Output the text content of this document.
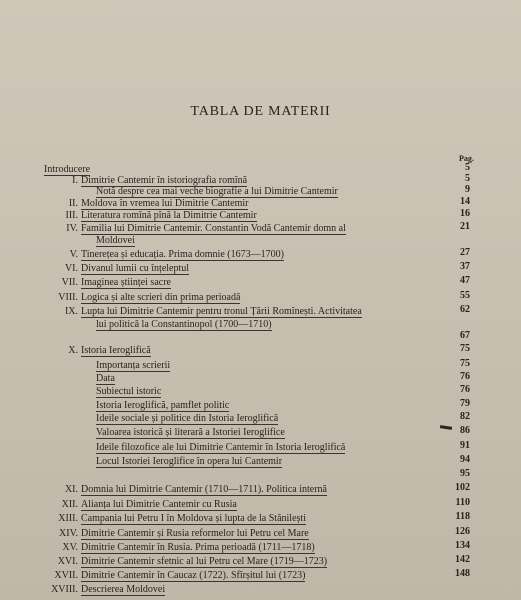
TABLA DE MATERII
Pag.
Introducere	5
I. Dimitrie Cantemir în istoriografia romînă	5
Notă despre cea mai veche biografie a lui Dimitrie Cantemir	9
II. Moldova în vremea lui Dimitrie Cantemir	14
III. Literatura romînă pînă la Dimitrie Cantemir	16
IV. Familia lui Dimitrie Cantemir. Constantin Vodă Cantemir domn al	21
Moldovei
V. Tinerețea și educația. Prima domnie (1673—1700)	27
VI. Divanul lumii cu înțeleptul	37
VII. Imaginea științei sacre	47
VIII. Logica și alte scrieri din prima perioadă	55
IX. Lupta lui Dimitrie Cantemir pentru tronul Țării Romînești. Activitatea	62
lui politică la Constantinopol (1700—1710)
67
X. Istoria Ieroglifică	75
Importanța scrierii	75
Data	76
Subiectul istoric	76
Istoria Ieroglifică, pamflet politic	79
Ideile sociale și politice din Istoria Ieroglifică	82
Valoarea istorică și literară a Istoriei Ieroglifice	86
Ideile filozofice ale lui Dimitrie Cantemir în Istoria Ieroglifică	91
Locul Istoriei Ieroglifice în opera lui Cantemir	94
95
XI. Domnia lui Dimitrie Cantemir (1710—1711). Politica internă	102
XII. Alianța lui Dimitrie Cantemir cu Rusia	110
XIII. Campania lui Petru I în Moldova și lupta de la Stănilești	118
XIV. Dimitrie Cantemir și Rusia reformelor lui Petru cel Mare	126
XV. Dimitrie Cantemir în Rusia. Prima perioadă (1711—1718)	134
XVI. Dimitrie Cantemir sfetnic al lui Petru cel Mare (1719—1723)	142
XVII. Dimitrie Cantemir în Caucaz (1722). Sfîrșitul lui (1723)	148
XVIII. Descrierea Moldovei
